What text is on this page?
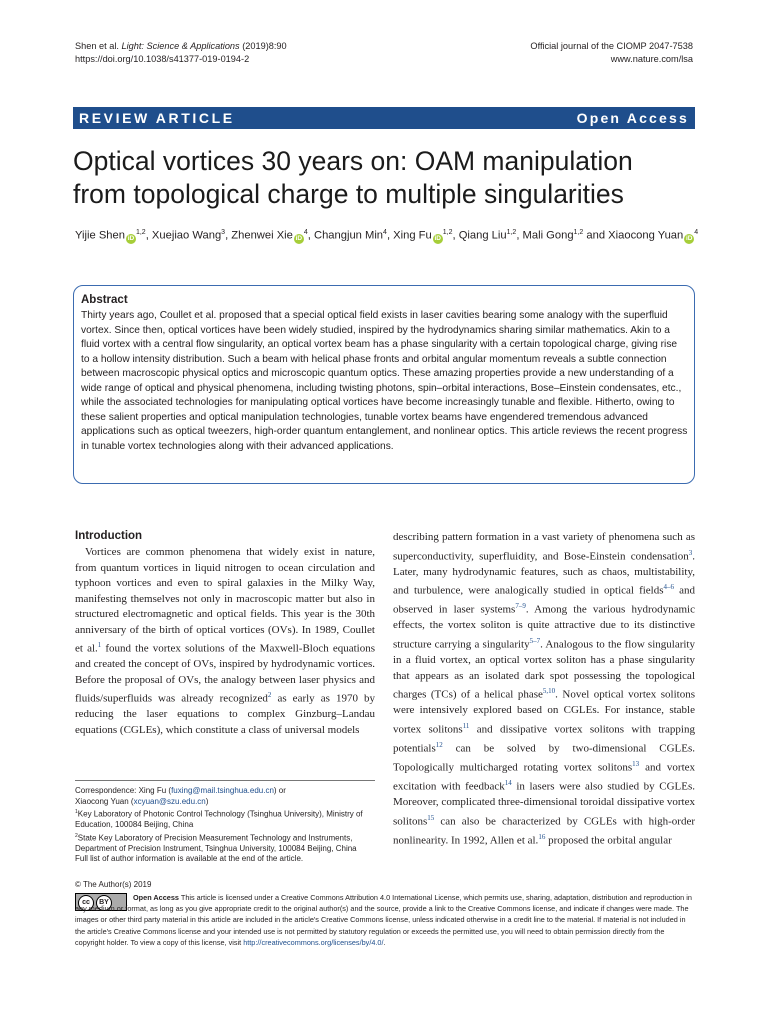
Shen et al. Light: Science & Applications (2019)8:90
https://doi.org/10.1038/s41377-019-0194-2
Official journal of the CIOMP 2047-7538
www.nature.com/lsa
REVIEW ARTICLE	Open Access
Optical vortices 30 years on: OAM manipulation
from topological charge to multiple singularities
Yijie Shen iD$^{1,2}$, Xuejiao Wang$^3$, Zhenwei Xie $iD^4$, Changjun Min$^4$, Xing Fu iD$^{1,2}$, Qiang Liu$^{1,2}$, Mali Gong$^{1,2}$ and Xiaocong Yuan $iD^4$
Abstract
Thirty years ago, Coullet et al. proposed that a special optical field exists in laser cavities bearing some analogy with the superfluid vortex. Since then, optical vortices have been widely studied, inspired by the hydrodynamics sharing similar mathematics. Akin to a fluid vortex with a central flow singularity, an optical vortex beam has a phase singularity with a certain topological charge, giving rise to a hollow intensity distribution. Such a beam with helical phase fronts and orbital angular momentum reveals a subtle connection between macroscopic physical optics and microscopic quantum optics. These amazing properties provide a new understanding of a wide range of optical and physical phenomena, including twisting photons, spin–orbital interactions, Bose–Einstein condensates, etc., while the associated technologies for manipulating optical vortices have become increasingly tunable and flexible. Hitherto, owing to these salient properties and optical manipulation technologies, tunable vortex beams have engendered tremendous advanced applications such as optical tweezers, high-order quantum entanglement, and nonlinear optics. This article reviews the recent progress in tunable vortex technologies along with their advanced applications.
Introduction
Vortices are common phenomena that widely exist in nature, from quantum vortices in liquid nitrogen to ocean circulation and typhoon vortices and even to spiral galaxies in the Milky Way, manifesting themselves not only in macroscopic matter but also in structured electromagnetic and optical fields. This year is the 30th anniversary of the birth of optical vortices (OVs). In 1989, Coullet et al.$^1$ found the vortex solutions of the Maxwell-Bloch equations and created the concept of OVs, inspired by hydrodynamic vortices. Before the proposal of OVs, the analogy between laser physics and fluids/superfluids was already recognized$^2$ as early as 1970 by reducing the laser equations to complex Ginzburg–Landau equations (CGLEs), which constitute a class of universal models
describing pattern formation in a vast variety of phenomena such as superconductivity, superfluidity, and Bose-Einstein condensation$^3$. Later, many hydrodynamic features, such as chaos, multistability, and turbulence, were analogically studied in optical fields$^{4-6}$ and observed in laser systems$^{7-9}$. Among the various hydrodynamic effects, the vortex soliton is quite attractive due to its distinctive structure carrying a singularity$^{5-7}$. Analogous to the flow singularity in a fluid vortex, an optical vortex soliton has a phase singularity that appears as an isolated dark spot possessing the topological charges (TCs) of a helical phase$^{5,10}$. Novel optical vortex solitons were intensively explored based on CGLEs. For instance, stable vortex solitons$^{11}$ and dissipative vortex solitons with trapping potentials$^{12}$ can be solved by two-dimensional CGLEs. Topologically multicharged rotating vortex solitons$^{13}$ and vortex excitation with feedback$^{14}$ in lasers were also studied by CGLEs. Moreover, complicated three-dimensional toroidal dissipative vortex solitons$^{15}$ can also be characterized by CGLEs with high-order nonlinearity. In 1992, Allen et al.$^{16}$ proposed the orbital angular
Correspondence: Xing Fu (fuxing@mail.tsinghua.edu.cn) or
Xiaocong Yuan (xcyuan@szu.edu.cn)
$^1$Key Laboratory of Photonic Control Technology (Tsinghua University), Ministry of Education, 100084 Beijing, China
$^2$State Key Laboratory of Precision Measurement Technology and Instruments, Department of Precision Instrument, Tsinghua University, 100084 Beijing, China
Full list of author information is available at the end of the article.
© The Author(s) 2019
cc	BY
Open Access This article is licensed under a Creative Commons Attribution 4.0 International License, which permits use, sharing, adaptation, distribution and reproduction in any medium or format, as long as you give appropriate credit to the original author(s) and the source, provide a link to the Creative Commons license, and indicate if changes were made. The images or other third party material in this article are included in the article's Creative Commons license, unless indicated otherwise in a credit line to the material. If material is not included in the article's Creative Commons license and your intended use is not permitted by statutory regulation or exceeds the permitted use, you will need to obtain permission directly from the copyright holder. To view a copy of this license, visit http://creativecommons.org/licenses/by/4.0/.
